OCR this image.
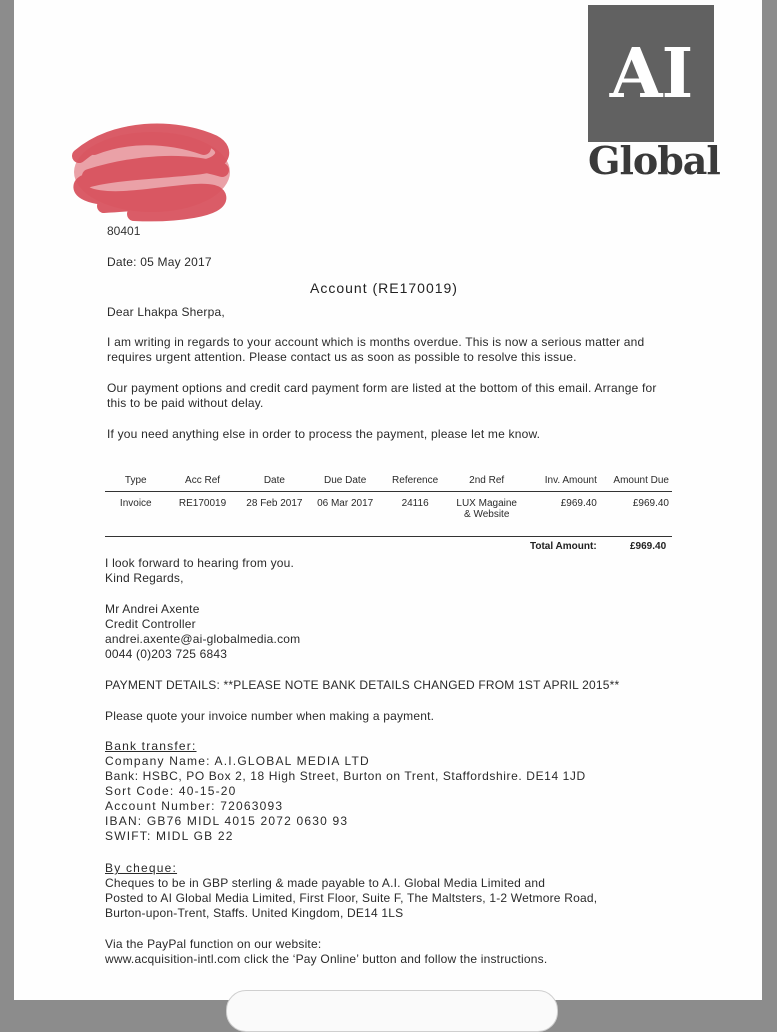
AI
Global
80401
Date: 05 May 2017
Account (RE170019)
Dear Lhakpa Sherpa,
I am writing in regards to your account which is months overdue. This is now a serious matter and
requires urgent attention. Please contact us as soon as possible to resolve this issue.
Our payment options and credit card payment form are listed at the bottom of this email. Arrange for
this to be paid without delay.
If you need anything else in order to process the payment, please let me know.
Type	Acc Ref	Date	Due Date	Reference	2nd Ref	Inv. Amount	Amount Due
Invoice	RE170019	28 Feb 2017	06 Mar 2017	24116	LUX Magaine & Website	£969.40	£969.40
Total Amount:	£969.40
I look forward to hearing from you.
Kind Regards,
Mr Andrei Axente
Credit Controller
andrei.axente@ai-globalmedia.com
0044 (0)203 725 6843
PAYMENT DETAILS: **PLEASE NOTE BANK DETAILS CHANGED FROM 1ST APRIL 2015**
Please quote your invoice number when making a payment.
Bank transfer:
Company Name: A.I.GLOBAL MEDIA LTD
Bank: HSBC, PO Box 2, 18 High Street, Burton on Trent, Staffordshire. DE14 1JD
Sort Code: 40-15-20
Account Number: 72063093
IBAN: GB76 MIDL 4015 2072 0630 93
SWIFT: MIDL GB 22
By cheque:
Cheques to be in GBP sterling & made payable to A.I. Global Media Limited and
Posted to AI Global Media Limited, First Floor, Suite F, The Maltsters, 1-2 Wetmore Road,
Burton-upon-Trent, Staffs. United Kingdom, DE14 1LS
Via the PayPal function on our website:
www.acquisition-intl.com click the ‘Pay Online’ button and follow the instructions.
